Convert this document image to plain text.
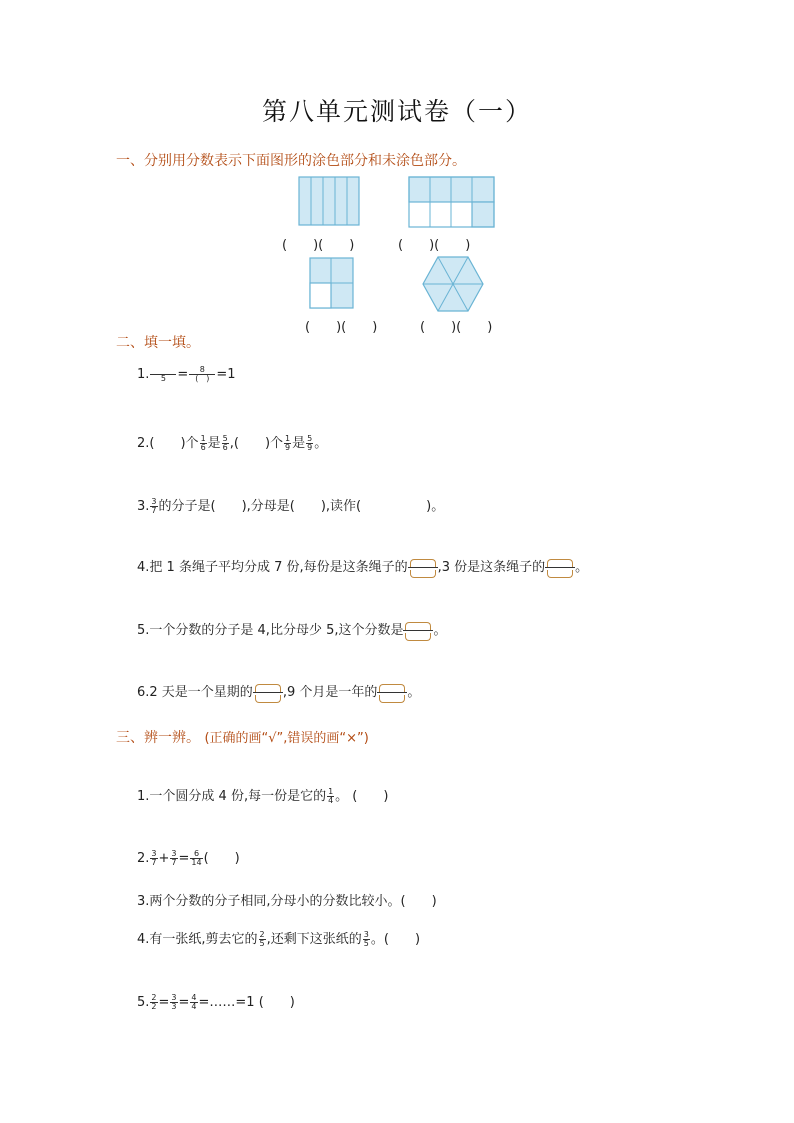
第八单元测试卷（一）
一、分别用分数表示下面图形的涂色部分和未涂色部分。
(　　)(　　)	(　　)(　　)
(　　)(　　)	(　　)(　　)
二、填一填。
1.	$5 = \frac{8}{( )} =1$
2.(　　)个 $\frac{1}{6}$ 是 $\frac{5}{6}$ ,(　　)个 $\frac{1}{9}$ 是 $\frac{5}{9}$ 。
3. $\frac{3}{7}$ 的分子是(　　),分母是(　　),读作(　　　　　)。
4.把 1 条绳子平均分成 7 份,每份是这条绳子的 ,3 份是这条绳子的 。
5.一个分数的分子是 4,比分母少 5,这个分数是 。
6.2 天是一个星期的 ,9 个月是一年的 。
三、辨一辨。 (正确的画“√”,错误的画“×”)
1.一个圆分成 4 份,每一份是它的 $\frac{1}{4}$ 。 (　　)
2. $\frac{3}{7} + \frac{3}{7} = \frac{6}{14}$ (　　)
3.两个分数的分子相同,分母小的分数比较小。(　　)
4.有一张纸,剪去它的 $\frac{2}{5}$ ,还剩下这张纸的 $\frac{3}{5}$ 。(　　)
5. $\frac{2}{2} = \frac{3}{3} = \frac{4}{4}$ =……=1 (　　)
